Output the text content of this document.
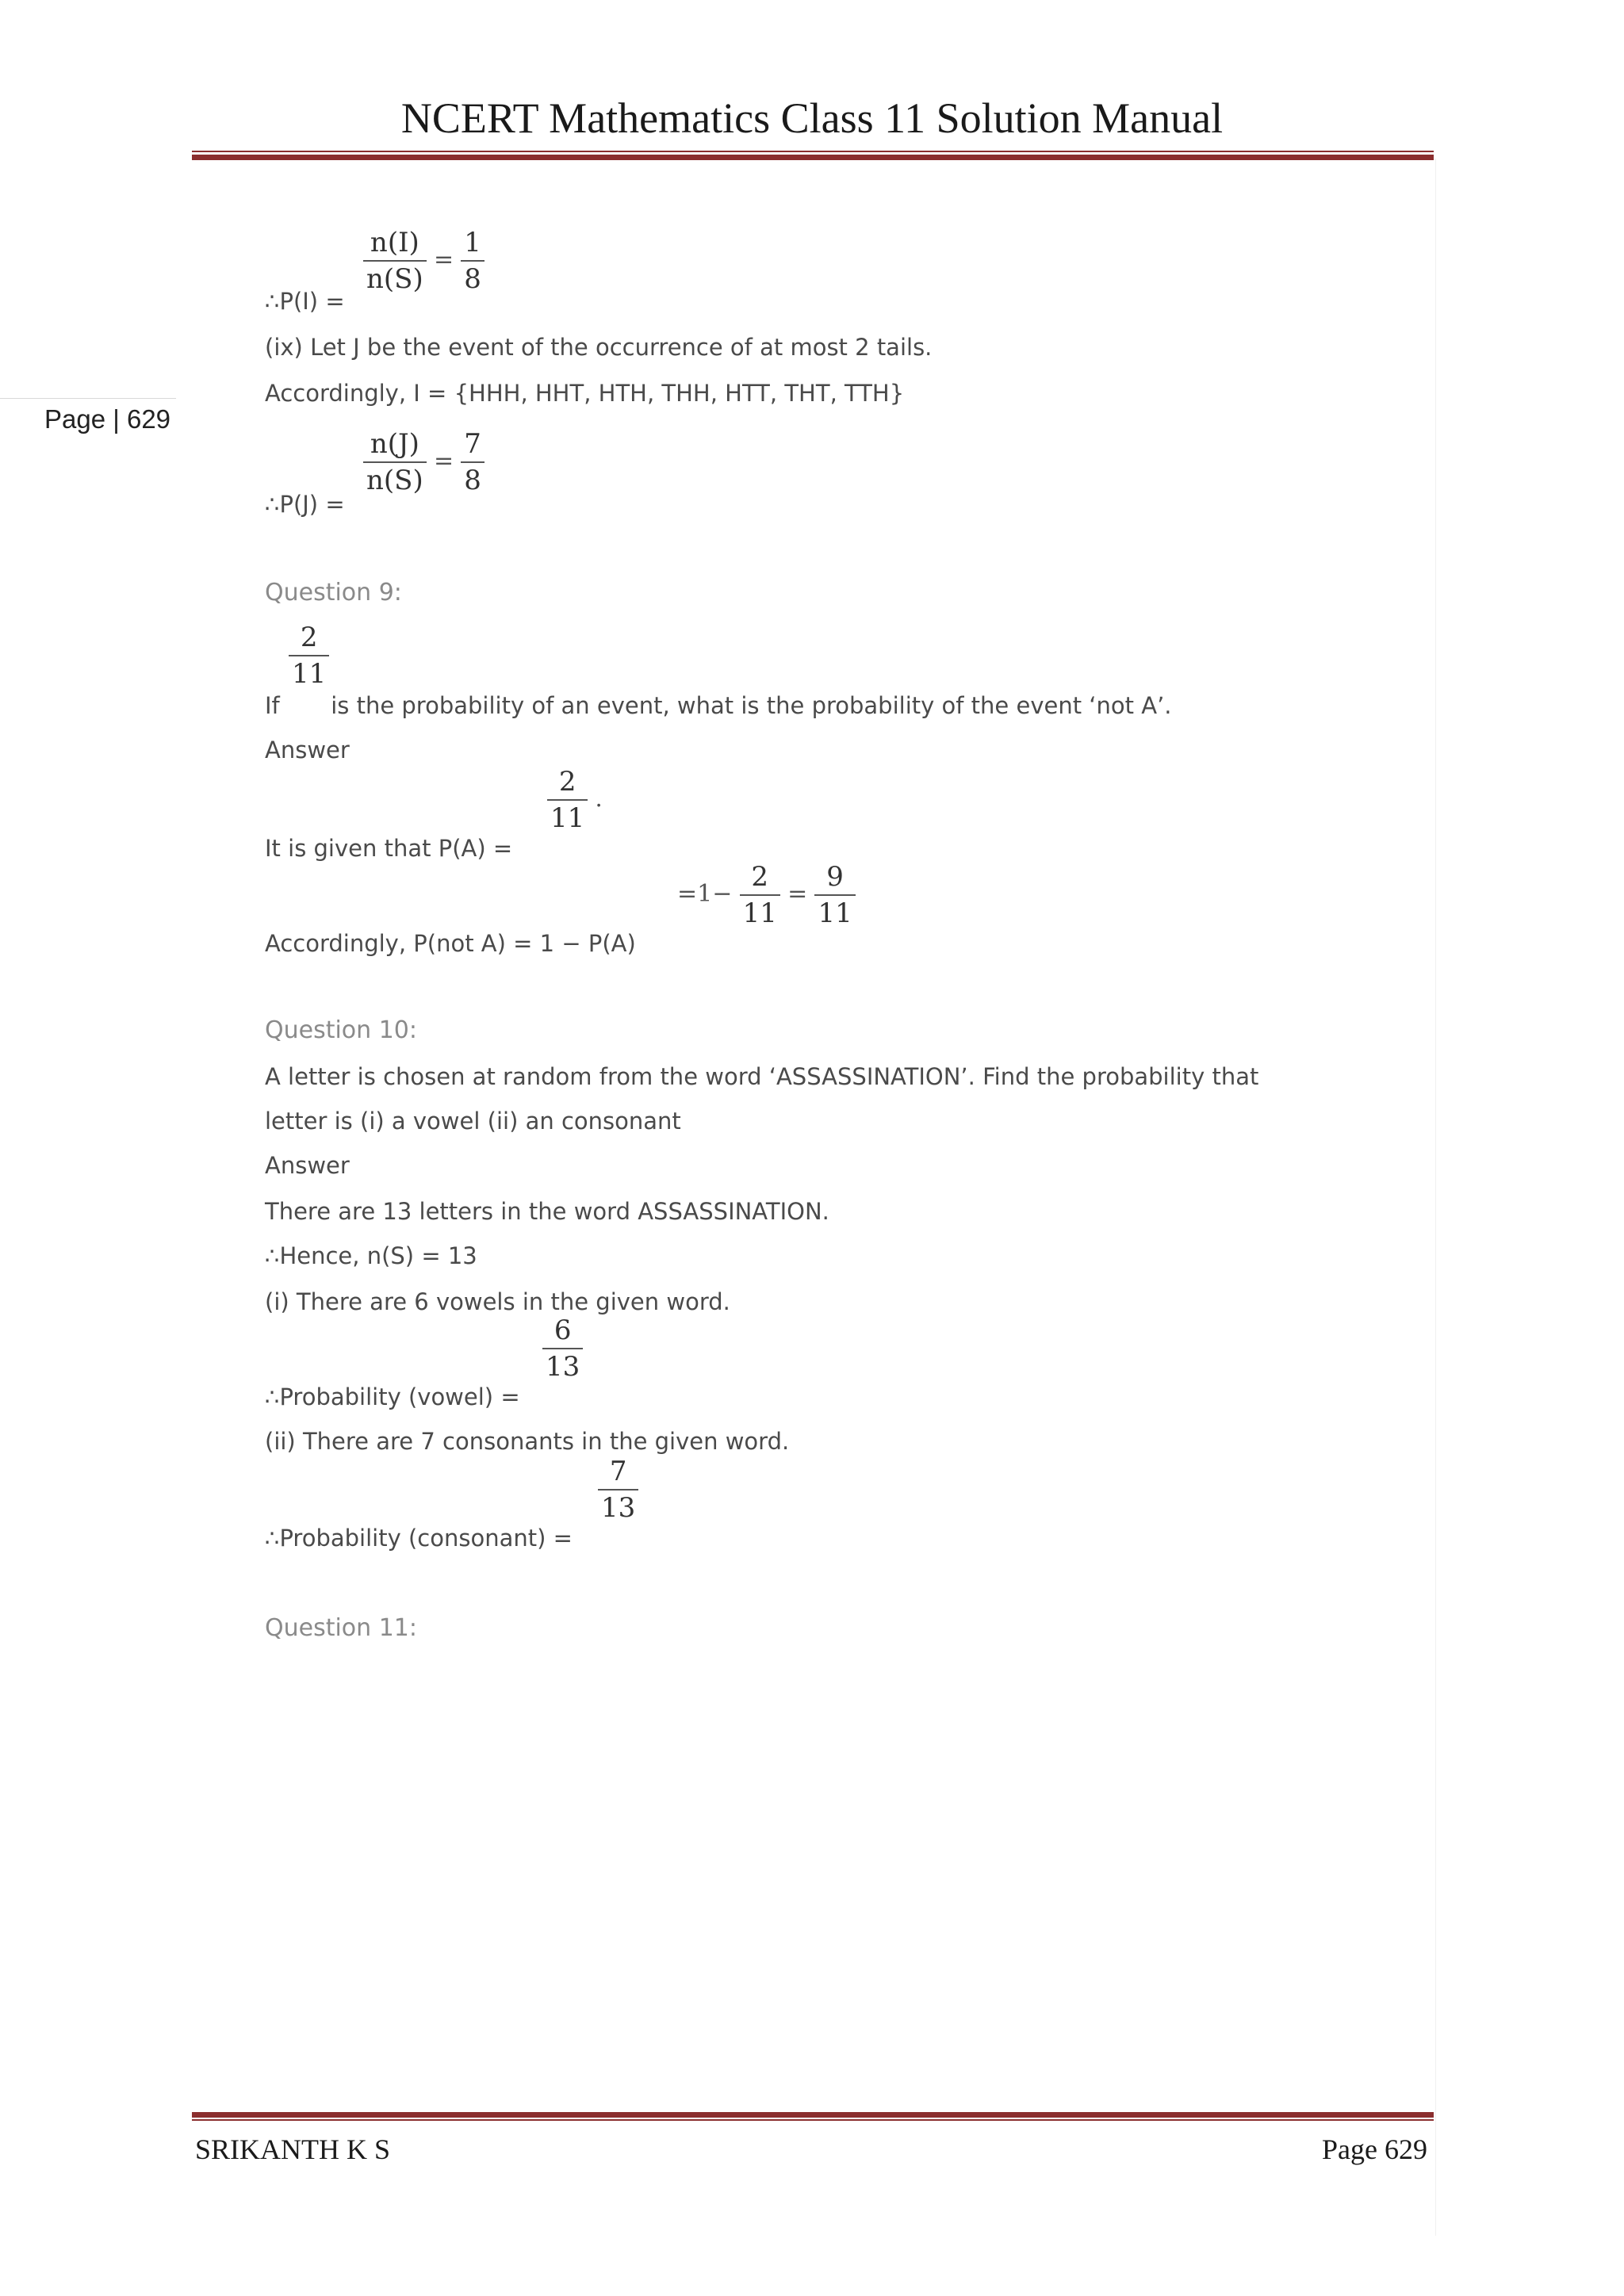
NCERT Mathematics Class 11 Solution Manual
Page | 629
∴P(I) =
$\frac{n(I)}{n(S)} = \frac{1}{8}$
(ix) Let J be the event of the occurrence of at most 2 tails.
Accordingly, I = {HHH, HHT, HTH, THH, HTT, THT, TTH}
∴P(J) =
$\frac{n(J)}{n(S)} = \frac{7}{8}$
Question 9:
$\frac{2}{11}$
If is the probability of an event, what is the probability of the event ‘not A’.
Answer
It is given that P(A) =
$\frac{2}{11}$ .
Accordingly, P(not A) = 1 − P(A)
$=1- \frac{2}{11} = \frac{9}{11}$
Question 10:
A letter is chosen at random from the word ‘ASSASSINATION’. Find the probability that
letter is (i) a vowel (ii) an consonant
Answer
There are 13 letters in the word ASSASSINATION.
∴Hence, n(S) = 13
(i) There are 6 vowels in the given word.
∴Probability (vowel) =
$\frac{6}{13}$
(ii) There are 7 consonants in the given word.
∴Probability (consonant) =
$\frac{7}{13}$
Question 11:
SRIKANTH K S	Page 629
